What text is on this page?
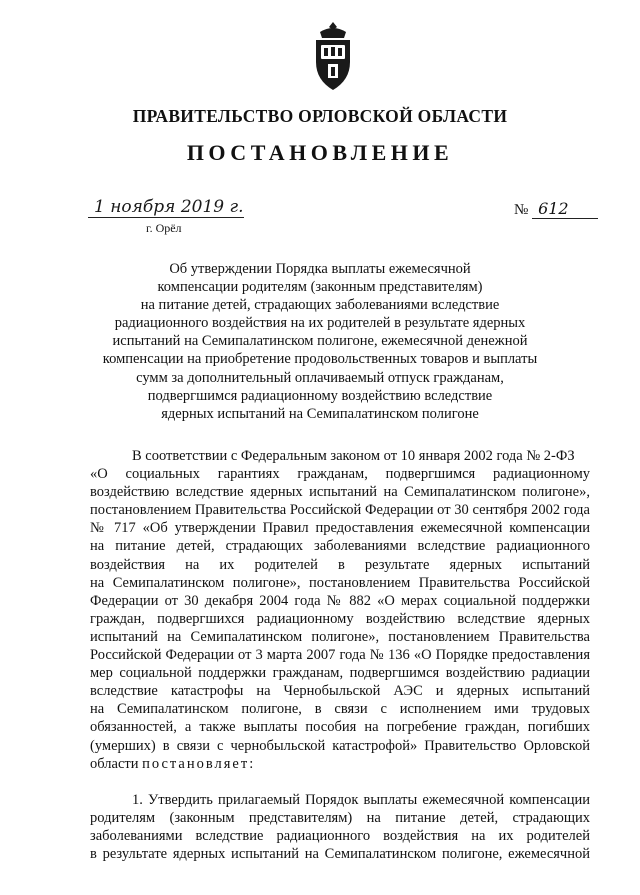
ПРАВИТЕЛЬСТВО ОРЛОВСКОЙ ОБЛАСТИ
ПОСТАНОВЛЕНИЕ
1 ноября 2019 г.
г. Орёл
№ 612
Об утверждении Порядка выплаты ежемесячной
компенсации родителям (законным представителям)
на питание детей, страдающих заболеваниями вследствие
радиационного воздействия на их родителей в результате ядерных
испытаний на Семипалатинском полигоне, ежемесячной денежной
компенсации на приобретение продовольственных товаров и выплаты
сумм за дополнительный оплачиваемый отпуск гражданам,
подвергшимся радиационному воздействию вследствие
ядерных испытаний на Семипалатинском полигоне
В соответствии с Федеральным законом от 10 января 2002 года № 2-ФЗ
«О социальных гарантиях гражданам, подвергшимся радиационному
воздействию вследствие ядерных испытаний на Семипалатинском полигоне»,
постановлением Правительства Российской Федерации от 30 сентября 2002 года
№ 717 «Об утверждении Правил предоставления ежемесячной компенсации
на питание детей, страдающих заболеваниями вследствие радиационного
воздействия на их родителей в результате ядерных испытаний
на Семипалатинском полигоне», постановлением Правительства Российской
Федерации от 30 декабря 2004 года № 882 «О мерах социальной поддержки
граждан, подвергшихся радиационному воздействию вследствие ядерных
испытаний на Семипалатинском полигоне», постановлением Правительства
Российской Федерации от 3 марта 2007 года № 136 «О Порядке предоставления
мер социальной поддержки гражданам, подвергшимся воздействию радиации
вследствие катастрофы на Чернобыльской АЭС и ядерных испытаний
на Семипалатинском полигоне, в связи с исполнением ими трудовых
обязанностей, а также выплаты пособия на погребение граждан, погибших
(умерших) в связи с чернобыльской катастрофой» Правительство Орловской
области постановляет:
1. Утвердить прилагаемый Порядок выплаты ежемесячной компенсации
родителям (законным представителям) на питание детей, страдающих
заболеваниями вследствие радиационного воздействия на их родителей
в результате ядерных испытаний на Семипалатинском полигоне, ежемесячной
